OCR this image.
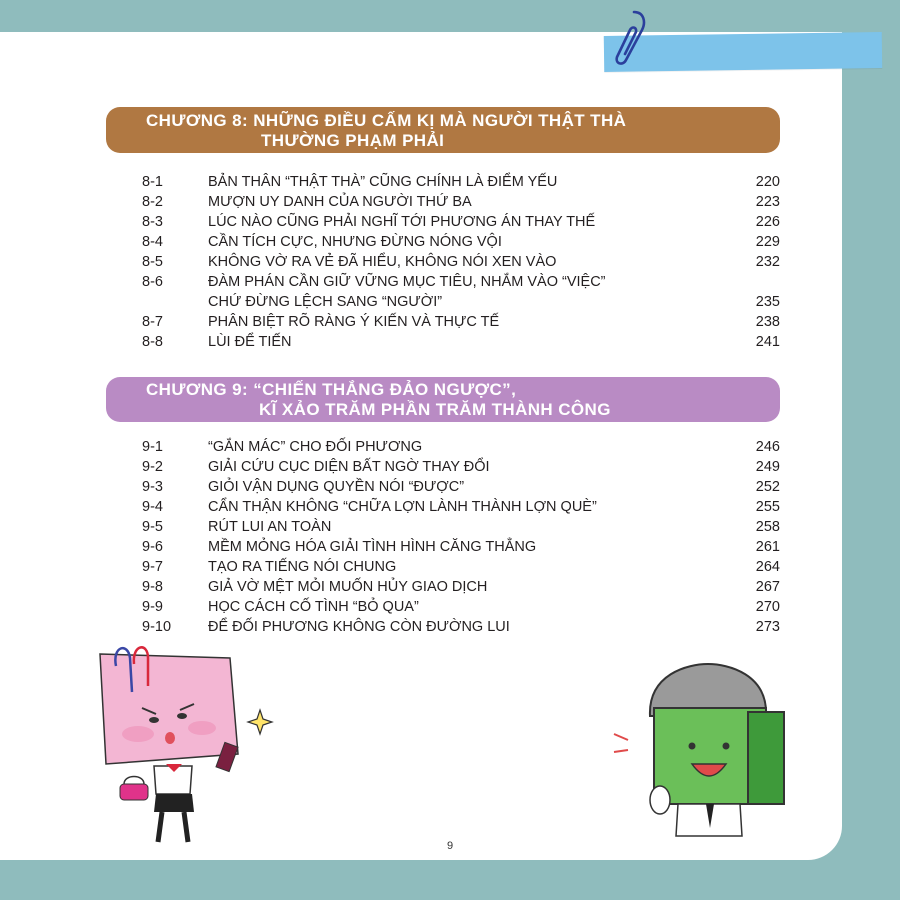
CHƯƠNG 8: NHỮNG ĐIỀU CẤM KỊ MÀ NGƯỜI THẬT THÀ
THƯỜNG PHẠM PHẢI
8-1	BẢN THÂN “THẬT THÀ” CŨNG CHÍNH LÀ ĐIỂM YẾU	220
8-2	MƯỢN UY DANH CỦA NGƯỜI THỨ BA	223
8-3	LÚC NÀO CŨNG PHẢI NGHĨ TỚI PHƯƠNG ÁN THAY THẾ	226
8-4	CẦN TÍCH CỰC, NHƯNG ĐỪNG NÓNG VỘI	229
8-5	KHÔNG VỜ RA VẺ ĐÃ HIỂU, KHÔNG NÓI XEN VÀO	232
8-6	ĐÀM PHÁN CẦN GIỮ VỮNG MỤC TIÊU, NHẮM VÀO “VIỆC”
CHỨ ĐỪNG LỆCH SANG “NGƯỜI”	235
8-7	PHÂN BIỆT RÕ RÀNG Ý KIẾN VÀ THỰC TẾ	238
8-8	LÙI ĐỂ TIẾN	241
CHƯƠNG 9: “CHIẾN THẮNG ĐẢO NGƯỢC”,
KĨ XẢO TRĂM PHẦN TRĂM THÀNH CÔNG
9-1	“GẮN MÁC” CHO ĐỐI PHƯƠNG	246
9-2	GIẢI CỨU CỤC DIỆN BẤT NGỜ THAY ĐỔI	249
9-3	GIỎI VẬN DỤNG QUYỀN NÓI “ĐƯỢC”	252
9-4	CẨN THẬN KHÔNG “CHỮA LỢN LÀNH THÀNH LỢN QUÈ”	255
9-5	RÚT LUI AN TOÀN	258
9-6	MỀM MỎNG HÓA GIẢI TÌNH HÌNH CĂNG THẲNG	261
9-7	TẠO RA TIẾNG NÓI CHUNG	264
9-8	GIẢ VỜ MỆT MỎI MUỐN HỦY GIAO DỊCH	267
9-9	HỌC CÁCH CỐ TÌNH “BỎ QUA”	270
9-10	ĐỂ ĐỐI PHƯƠNG KHÔNG CÒN ĐƯỜNG LUI	273
9
